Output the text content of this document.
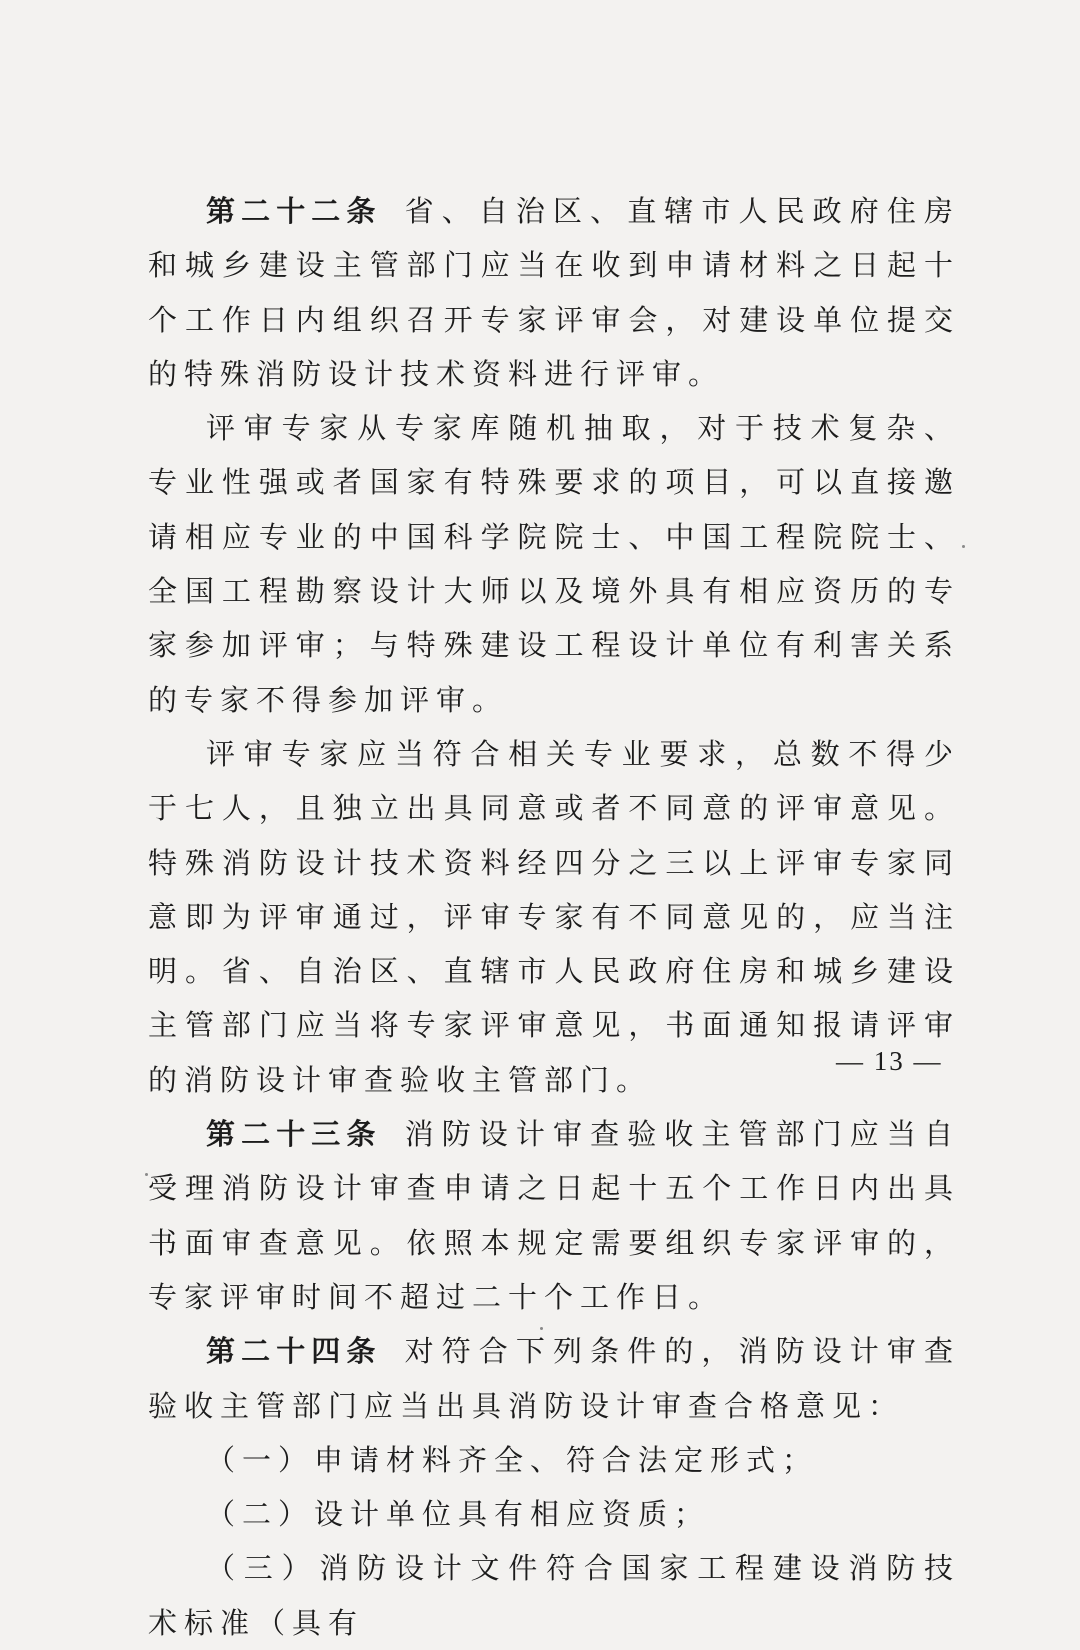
第二十二条 省、自治区、直辖市人民政府住房和城乡建设主管部门应当在收到申请材料之日起十个工作日内组织召开专家评审会，对建设单位提交的特殊消防设计技术资料进行评审。

评审专家从专家库随机抽取，对于技术复杂、专业性强或者国家有特殊要求的项目，可以直接邀请相应专业的中国科学院院士、中国工程院院士、全国工程勘察设计大师以及境外具有相应资历的专家参加评审；与特殊建设工程设计单位有利害关系的专家不得参加评审。

评审专家应当符合相关专业要求，总数不得少于七人，且独立出具同意或者不同意的评审意见。特殊消防设计技术资料经四分之三以上评审专家同意即为评审通过，评审专家有不同意见的，应当注明。省、自治区、直辖市人民政府住房和城乡建设主管部门应当将专家评审意见，书面通知报请评审的消防设计审查验收主管部门。

第二十三条 消防设计审查验收主管部门应当自受理消防设计审查申请之日起十五个工作日内出具书面审查意见。依照本规定需要组织专家评审的，专家评审时间不超过二十个工作日。

第二十四条 对符合下列条件的，消防设计审查验收主管部门应当出具消防设计审查合格意见：

（一）申请材料齐全、符合法定形式；

（二）设计单位具有相应资质；

（三）消防设计文件符合国家工程建设消防技术标准（具有

— 13 —
